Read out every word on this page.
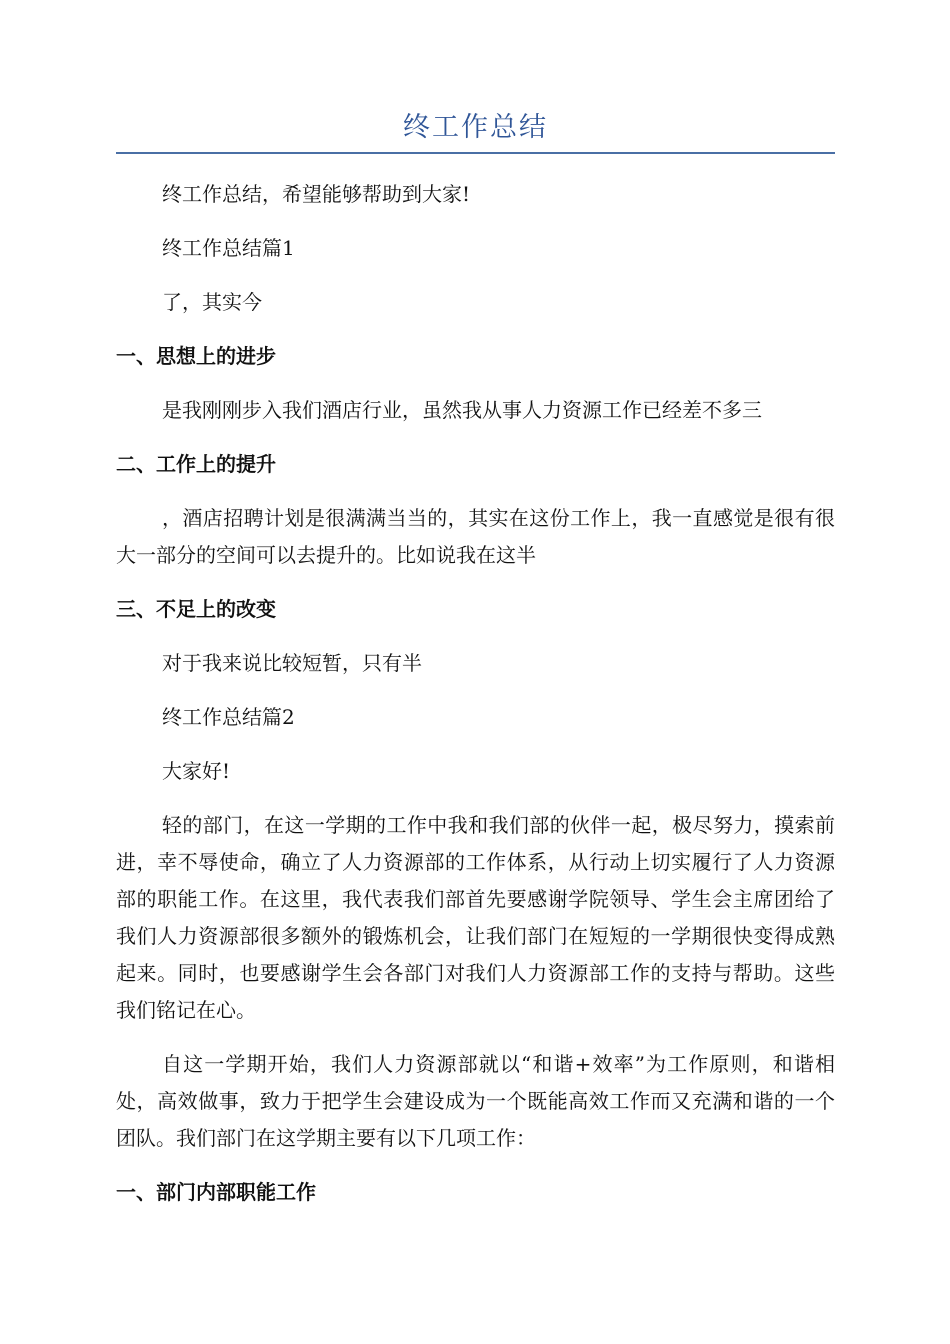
终工作总结
终工作总结，希望能够帮助到大家!
终工作总结篇1
了，其实今
一、思想上的进步
是我刚刚步入我们酒店行业，虽然我从事人力资源工作已经差不多三
二、工作上的提升
，酒店招聘计划是很满满当当的，其实在这份工作上，我一直感觉是很有很大一部分的空间可以去提升的。比如说我在这半
三、不足上的改变
对于我来说比较短暂，只有半
终工作总结篇2
大家好!
轻的部门，在这一学期的工作中我和我们部的伙伴一起，极尽努力，摸索前进，幸不辱使命，确立了人力资源部的工作体系，从行动上切实履行了人力资源部的职能工作。在这里，我代表我们部首先要感谢学院领导、学生会主席团给了我们人力资源部很多额外的锻炼机会，让我们部门在短短的一学期很快变得成熟起来。同时，也要感谢学生会各部门对我们人力资源部工作的支持与帮助。这些我们铭记在心。
自这一学期开始，我们人力资源部就以“和谐+效率”为工作原则，和谐相处，高效做事，致力于把学生会建设成为一个既能高效工作而又充满和谐的一个团队。我们部门在这学期主要有以下几项工作：
一、部门内部职能工作
